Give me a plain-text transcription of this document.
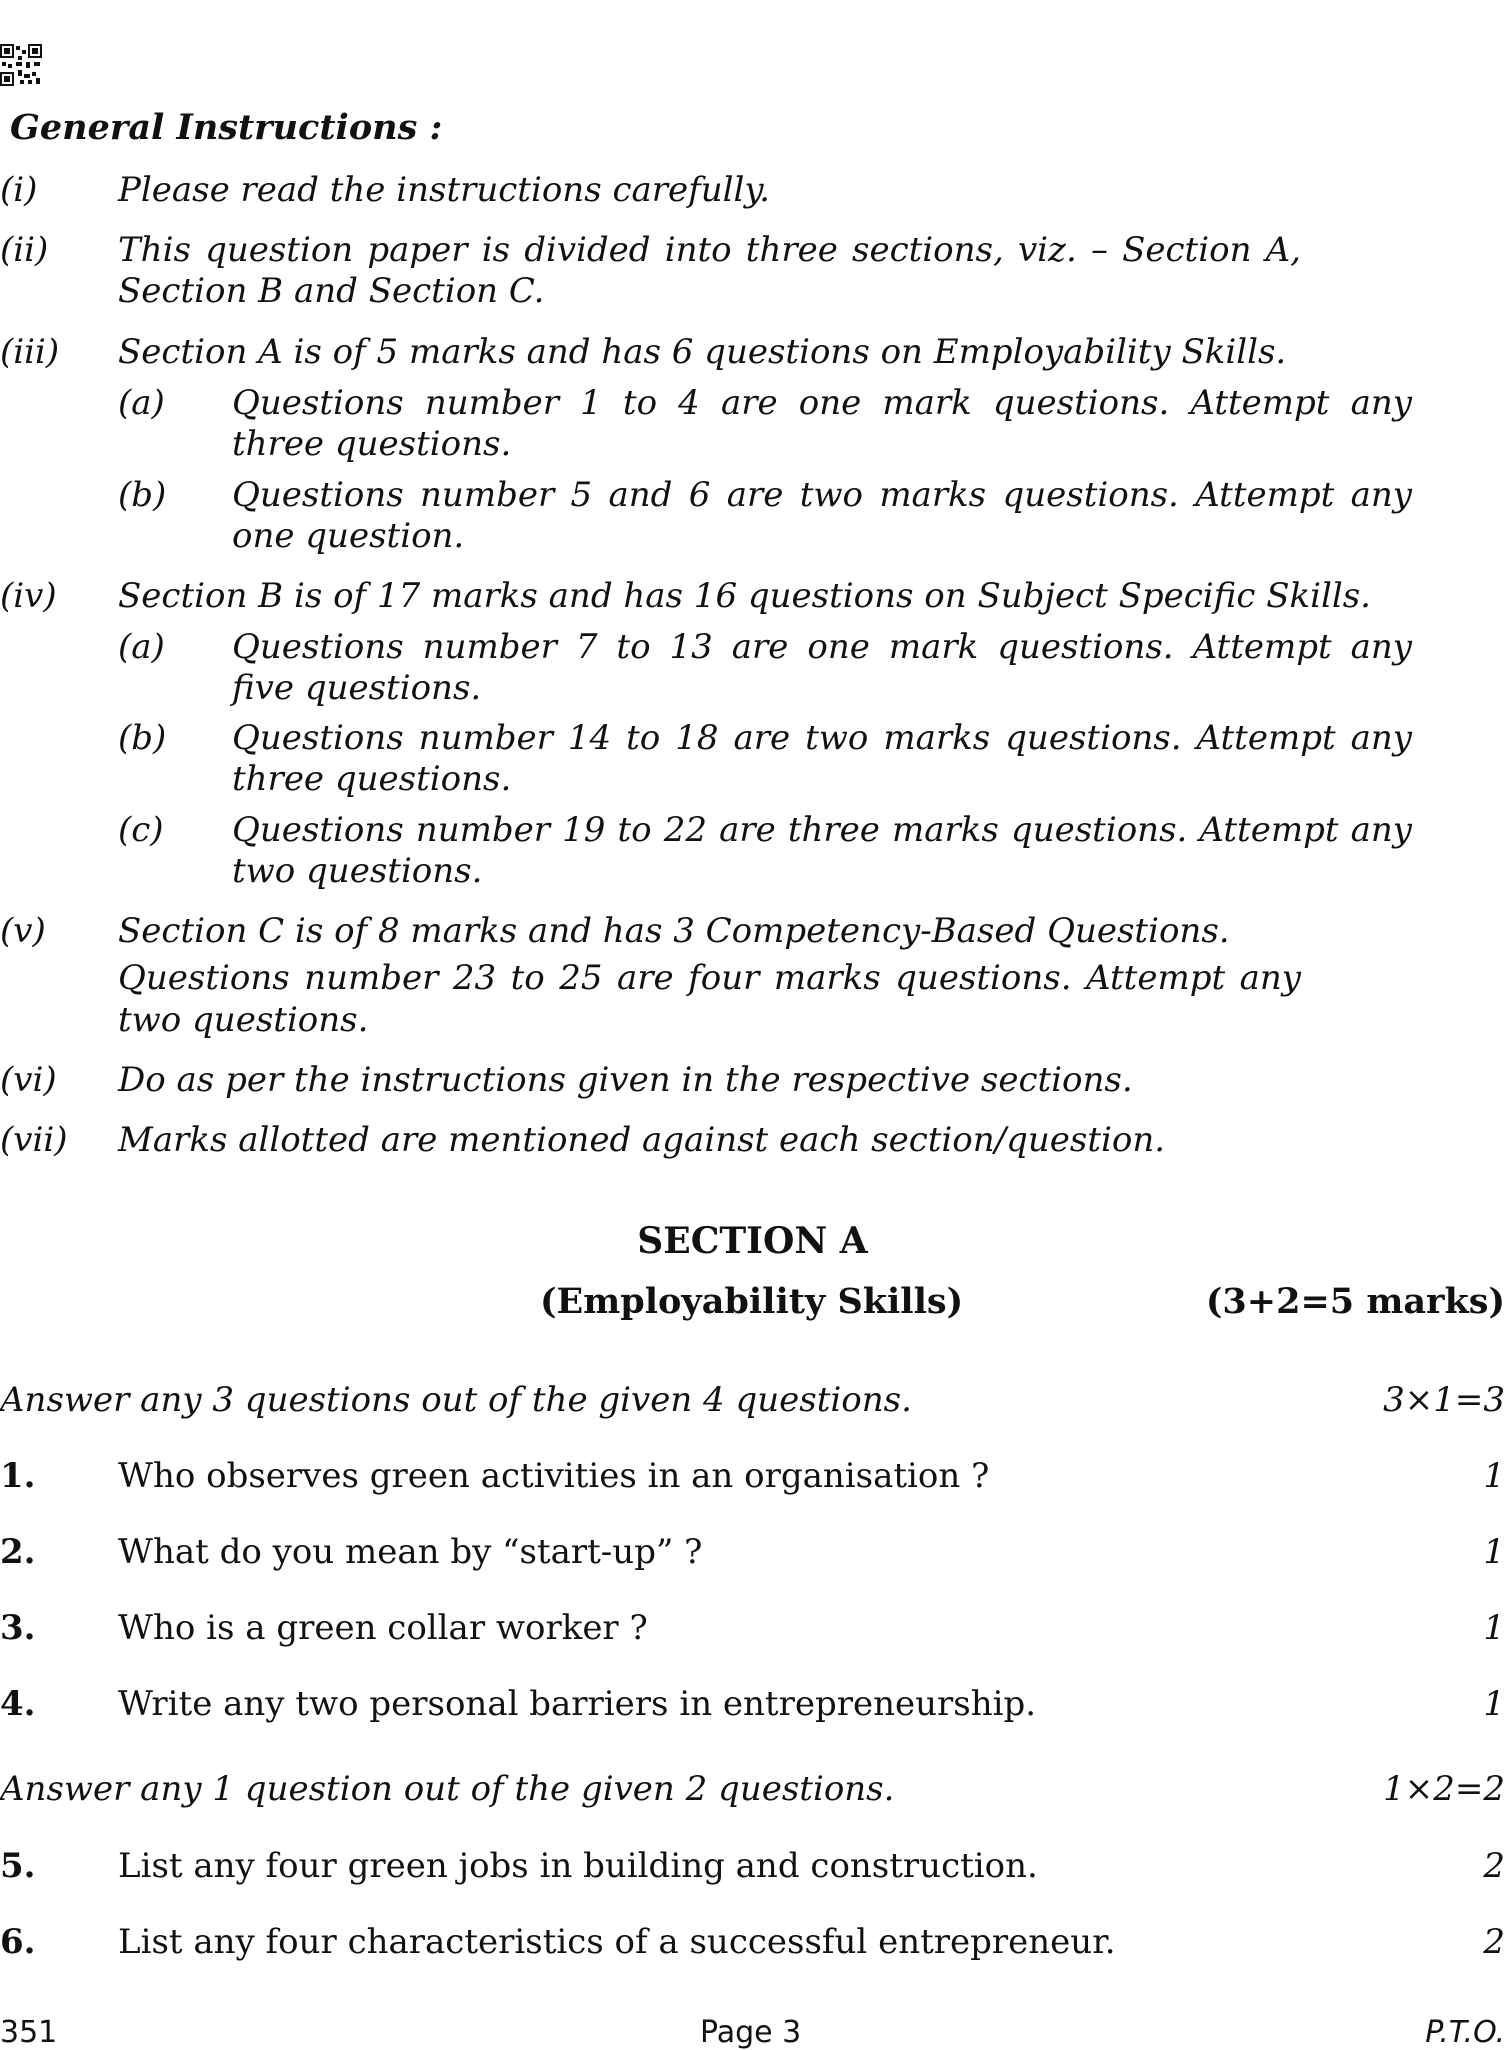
General Instructions :
(i) Please read the instructions carefully.
(ii) This question paper is divided into three sections, viz. – Section A,
Section B and Section C.
(iii) Section A is of 5 marks and has 6 questions on Employability Skills.
(a) Questions number 1 to 4 are one mark questions. Attempt any
three questions.
(b) Questions number 5 and 6 are two marks questions. Attempt any
one question.
(iv) Section B is of 17 marks and has 16 questions on Subject Specific Skills.
(a) Questions number 7 to 13 are one mark questions. Attempt any
five questions.
(b) Questions number 14 to 18 are two marks questions. Attempt any
three questions.
(c) Questions number 19 to 22 are three marks questions. Attempt any
two questions.
(v) Section C is of 8 marks and has 3 Competency-Based Questions.
Questions number 23 to 25 are four marks questions. Attempt any
two questions.
(vi) Do as per the instructions given in the respective sections.
(vii) Marks allotted are mentioned against each section/question.
SECTION A
(Employability Skills)	(3+2=5 marks)
Answer any 3 questions out of the given 4 questions.	3×1=3
1. Who observes green activities in an organisation ?	1
2. What do you mean by “start-up” ?	1
3. Who is a green collar worker ?	1
4. Write any two personal barriers in entrepreneurship.	1
Answer any 1 question out of the given 2 questions.	1×2=2
5. List any four green jobs in building and construction.	2
6. List any four characteristics of a successful entrepreneur.	2
351	Page 3	P.T.O.
